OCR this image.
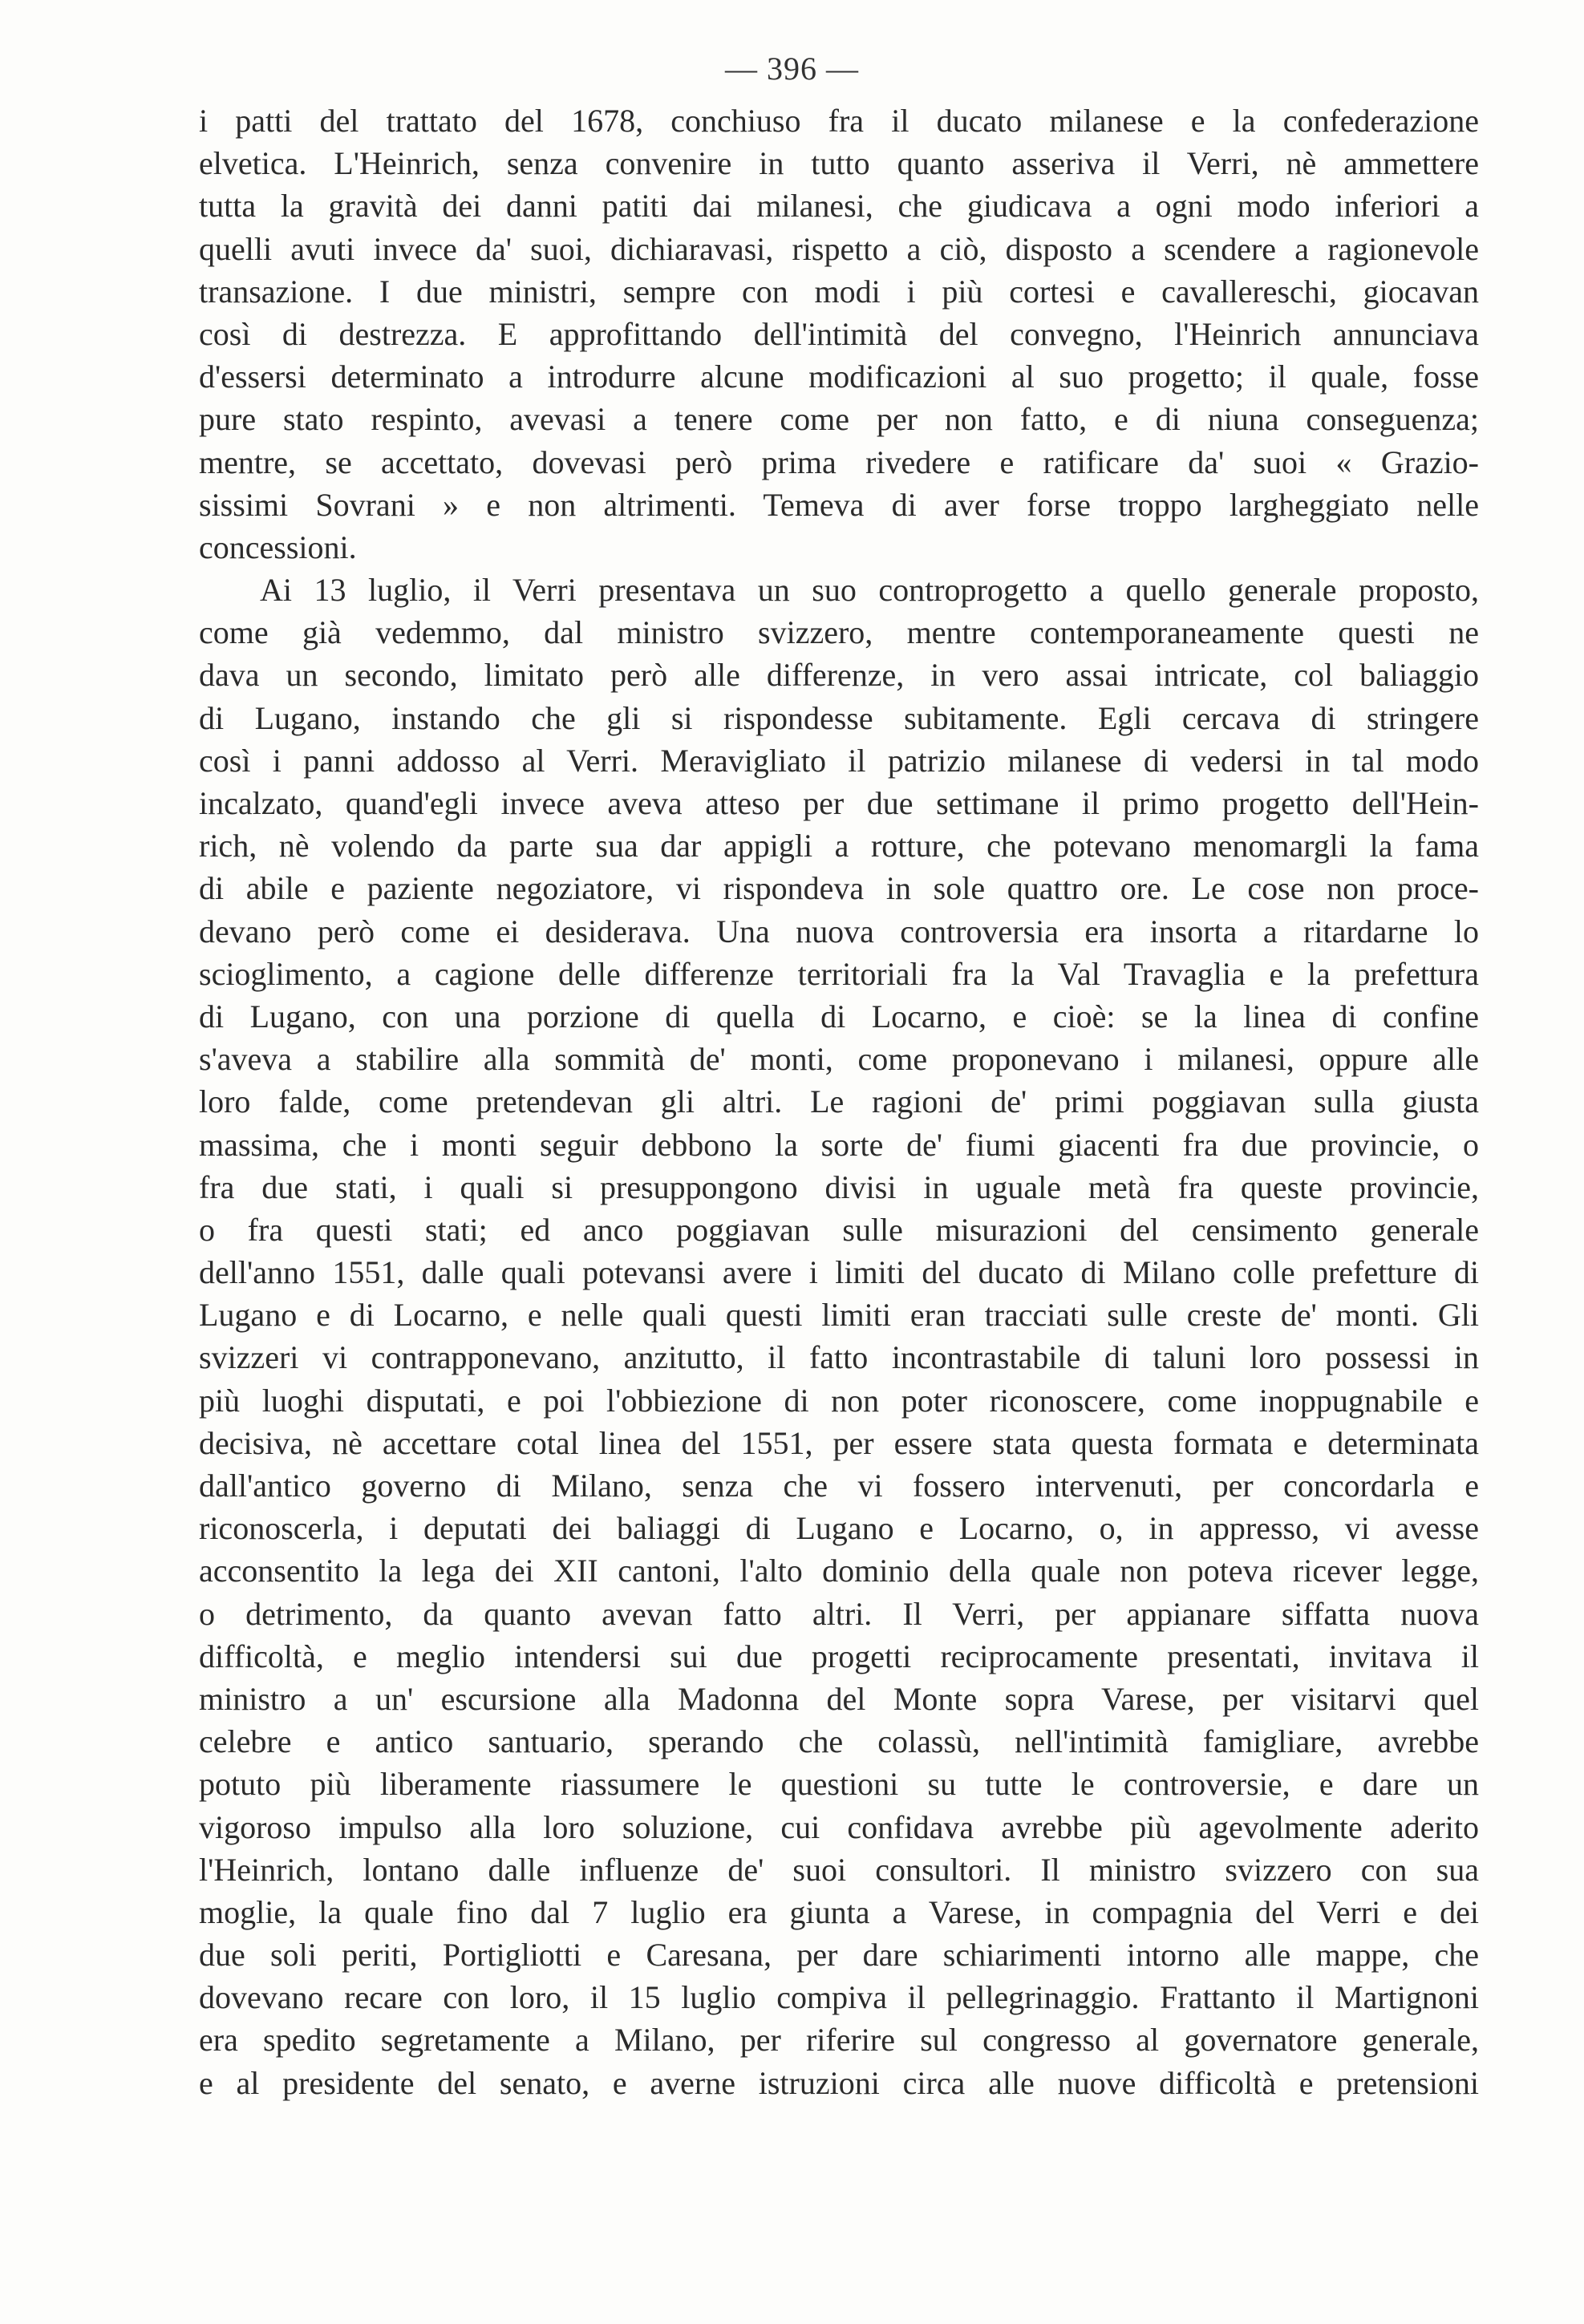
— 396 —
i patti del trattato del 1678, conchiuso fra il ducato milanese e la confederazione
elvetica. L'Heinrich, senza convenire in tutto quanto asseriva il Verri, nè ammettere
tutta la gravità dei danni patiti dai milanesi, che giudicava a ogni modo inferiori a
quelli avuti invece da' suoi, dichiaravasi, rispetto a ciò, disposto a scendere a ragionevole
transazione. I due ministri, sempre con modi i più cortesi e cavallereschi, giocavan
così di destrezza. E approfittando dell'intimità del convegno, l'Heinrich annunciava
d'essersi determinato a introdurre alcune modificazioni al suo progetto; il quale, fosse
pure stato respinto, avevasi a tenere come per non fatto, e di niuna conseguenza;
mentre, se accettato, dovevasi però prima rivedere e ratificare da' suoi « Grazio-
sissimi Sovrani » e non altrimenti. Temeva di aver forse troppo largheggiato nelle
concessioni.
Ai 13 luglio, il Verri presentava un suo controprogetto a quello generale proposto,
come già vedemmo, dal ministro svizzero, mentre contemporaneamente questi ne
dava un secondo, limitato però alle differenze, in vero assai intricate, col baliaggio
di Lugano, instando che gli si rispondesse subitamente. Egli cercava di stringere
così i panni addosso al Verri. Meravigliato il patrizio milanese di vedersi in tal modo
incalzato, quand'egli invece aveva atteso per due settimane il primo progetto dell'Hein-
rich, nè volendo da parte sua dar appigli a rotture, che potevano menomargli la fama
di abile e paziente negoziatore, vi rispondeva in sole quattro ore. Le cose non proce-
devano però come ei desiderava. Una nuova controversia era insorta a ritardarne lo
scioglimento, a cagione delle differenze territoriali fra la Val Travaglia e la prefettura
di Lugano, con una porzione di quella di Locarno, e cioè: se la linea di confine
s'aveva a stabilire alla sommità de' monti, come proponevano i milanesi, oppure alle
loro falde, come pretendevan gli altri. Le ragioni de' primi poggiavan sulla giusta
massima, che i monti seguir debbono la sorte de' fiumi giacenti fra due provincie, o
fra due stati, i quali si presuppongono divisi in uguale metà fra queste provincie,
o fra questi stati; ed anco poggiavan sulle misurazioni del censimento generale
dell'anno 1551, dalle quali potevansi avere i limiti del ducato di Milano colle prefetture di
Lugano e di Locarno, e nelle quali questi limiti eran tracciati sulle creste de' monti. Gli
svizzeri vi contrapponevano, anzitutto, il fatto incontrastabile di taluni loro possessi in
più luoghi disputati, e poi l'obbiezione di non poter riconoscere, come inoppugnabile e
decisiva, nè accettare cotal linea del 1551, per essere stata questa formata e determinata
dall'antico governo di Milano, senza che vi fossero intervenuti, per concordarla e
riconoscerla, i deputati dei baliaggi di Lugano e Locarno, o, in appresso, vi avesse
acconsentito la lega dei XII cantoni, l'alto dominio della quale non poteva ricever legge,
o detrimento, da quanto avevan fatto altri. Il Verri, per appianare siffatta nuova
difficoltà, e meglio intendersi sui due progetti reciprocamente presentati, invitava il
ministro a un' escursione alla Madonna del Monte sopra Varese, per visitarvi quel
celebre e antico santuario, sperando che colassù, nell'intimità famigliare, avrebbe
potuto più liberamente riassumere le questioni su tutte le controversie, e dare un
vigoroso impulso alla loro soluzione, cui confidava avrebbe più agevolmente aderito
l'Heinrich, lontano dalle influenze de' suoi consultori. Il ministro svizzero con sua
moglie, la quale fino dal 7 luglio era giunta a Varese, in compagnia del Verri e dei
due soli periti, Portigliotti e Caresana, per dare schiarimenti intorno alle mappe, che
dovevano recare con loro, il 15 luglio compiva il pellegrinaggio. Frattanto il Martignoni
era spedito segretamente a Milano, per riferire sul congresso al governatore generale,
e al presidente del senato, e averne istruzioni circa alle nuove difficoltà e pretensioni
